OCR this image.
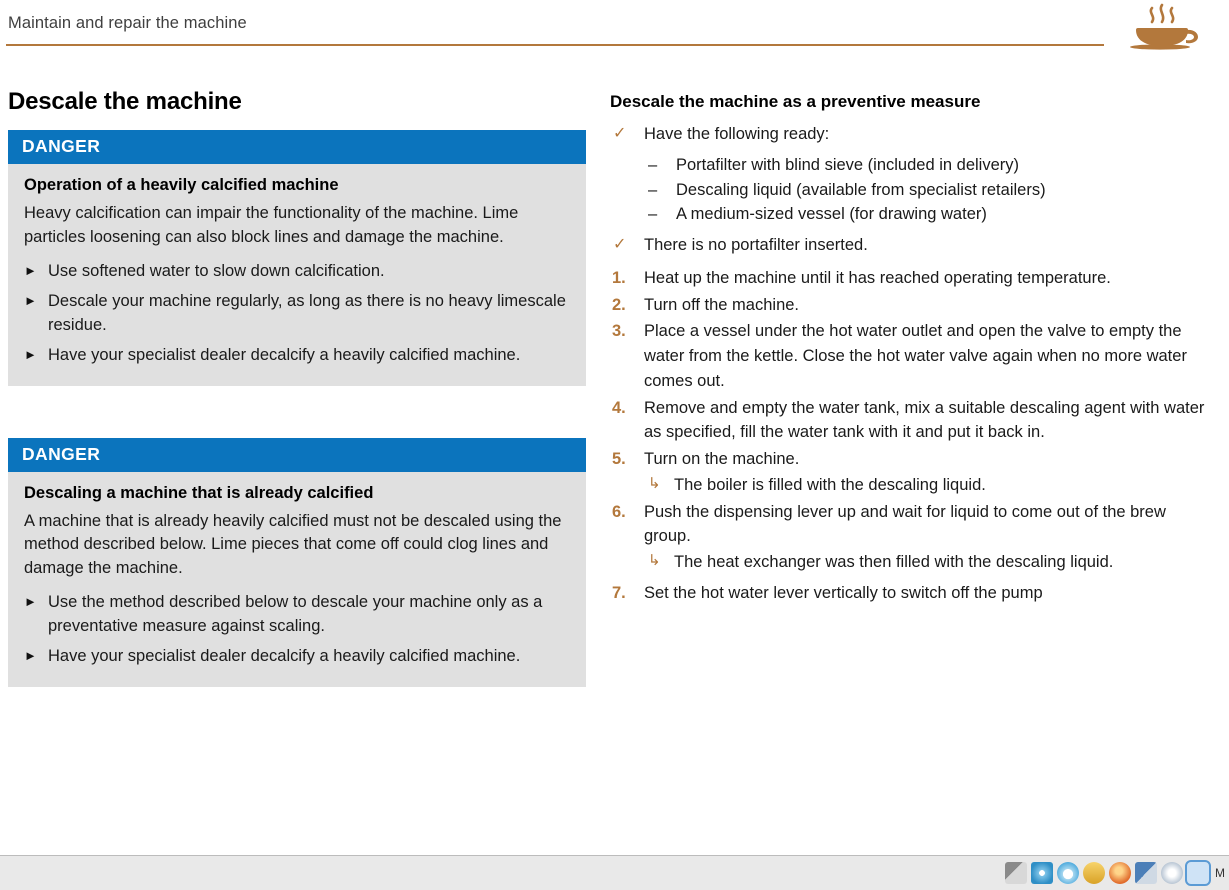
Maintain and repair the machine
Descale the machine
DANGER
Operation of a heavily calcified machine

Heavy calcification can impair the functionality of the machine. Lime particles loosening can also block lines and damage the machine.

► Use softened water to slow down calcification.
► Descale your machine regularly, as long as there is no heavy limescale residue.
► Have your specialist dealer decalcify a heavily calcified machine.
DANGER
Descaling a machine that is already calcified

A machine that is already heavily calcified must not be descaled using the method described below. Lime pieces that come off could clog lines and damage the machine.

► Use the method described below to descale your machine only as a preventative measure against scaling.
► Have your specialist dealer decalcify a heavily calcified machine.
Descale the machine as a preventive measure
✓ Have the following ready:
– Portafilter with blind sieve (included in delivery)
– Descaling liquid (available from specialist retailers)
– A medium-sized vessel (for drawing water)
✓ There is no portafilter inserted.
1. Heat up the machine until it has reached operating temperature.
2. Turn off the machine.
3. Place a vessel under the hot water outlet and open the valve to empty the water from the kettle. Close the hot water valve again when no more water comes out.
4. Remove and empty the water tank, mix a suitable descaling agent with water as specified, fill the water tank with it and put it back in.
5. Turn on the machine.
↳ The boiler is filled with the descaling liquid.
6. Push the dispensing lever up and wait for liquid to come out of the brew group.
↳ The heat exchanger was then filled with the descaling liquid.
7. Set the hot water lever vertically to switch off the pump
M
